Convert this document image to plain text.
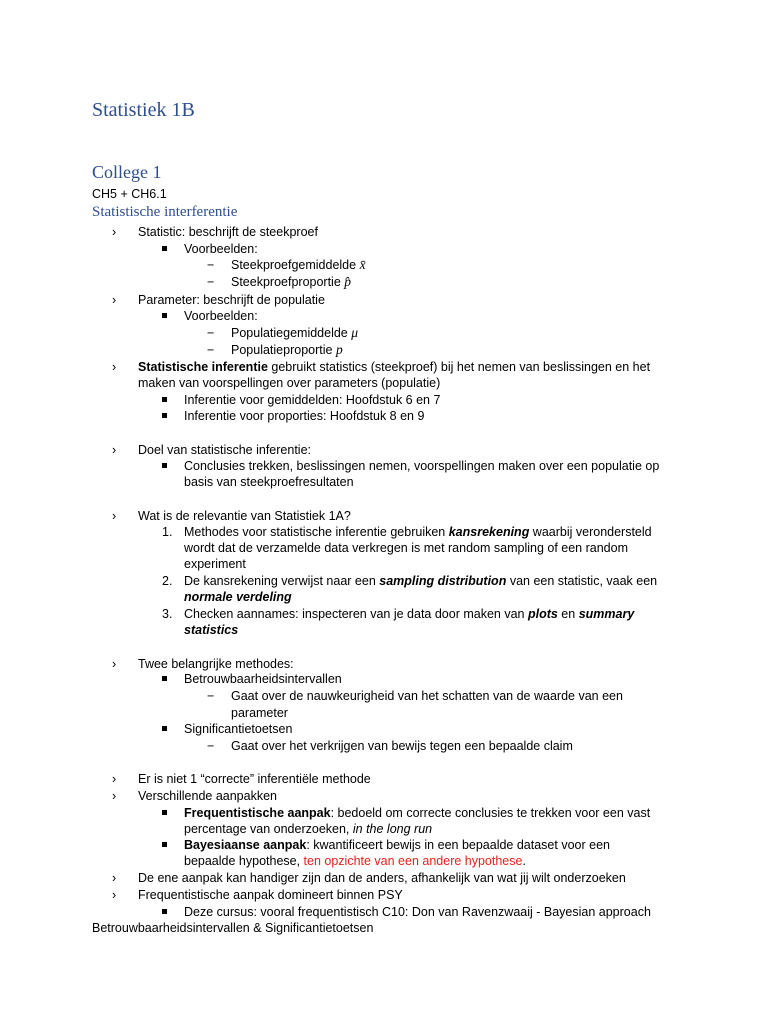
Statistiek 1B
College 1
CH5 + CH6.1
Statistische interferentie
› Statistic: beschrijft de steekproef
Voorbeelden:
− Steekproefgemiddelde x̄
− Steekproefproportie p̂
› Parameter: beschrijft de populatie
Voorbeelden:
− Populatiegemiddelde μ
− Populatieproportie p
› Statistische inferentie gebruikt statistics (steekproef) bij het nemen van beslissingen en het
maken van voorspellingen over parameters (populatie)
Inferentie voor gemiddelden: Hoofdstuk 6 en 7
Inferentie voor proporties: Hoofdstuk 8 en 9
› Doel van statistische inferentie:
Conclusies trekken, beslissingen nemen, voorspellingen maken over een populatie op
basis van steekproefresultaten
› Wat is de relevantie van Statistiek 1A?
1. Methodes voor statistische inferentie gebruiken kansrekening waarbij verondersteld
wordt dat de verzamelde data verkregen is met random sampling of een random
experiment
2. De kansrekening verwijst naar een sampling distribution van een statistic, vaak een
normale verdeling
3. Checken aannames: inspecteren van je data door maken van plots en summary
statistics
› Twee belangrijke methodes:
Betrouwbaarheidsintervallen
− Gaat over de nauwkeurigheid van het schatten van de waarde van een
parameter
Significantietoetsen
− Gaat over het verkrijgen van bewijs tegen een bepaalde claim
› Er is niet 1 “correcte” inferentiële methode
› Verschillende aanpakken
Frequentistische aanpak: bedoeld om correcte conclusies te trekken voor een vast
percentage van onderzoeken, in the long run
Bayesiaanse aanpak: kwantificeert bewijs in een bepaalde dataset voor een
bepaalde hypothese, ten opzichte van een andere hypothese.
› De ene aanpak kan handiger zijn dan de anders, afhankelijk van wat jij wilt onderzoeken
› Frequentistische aanpak domineert binnen PSY
Deze cursus: vooral frequentistisch C10: Don van Ravenzwaaij - Bayesian approach
Betrouwbaarheidsintervallen & Significantietoetsen
